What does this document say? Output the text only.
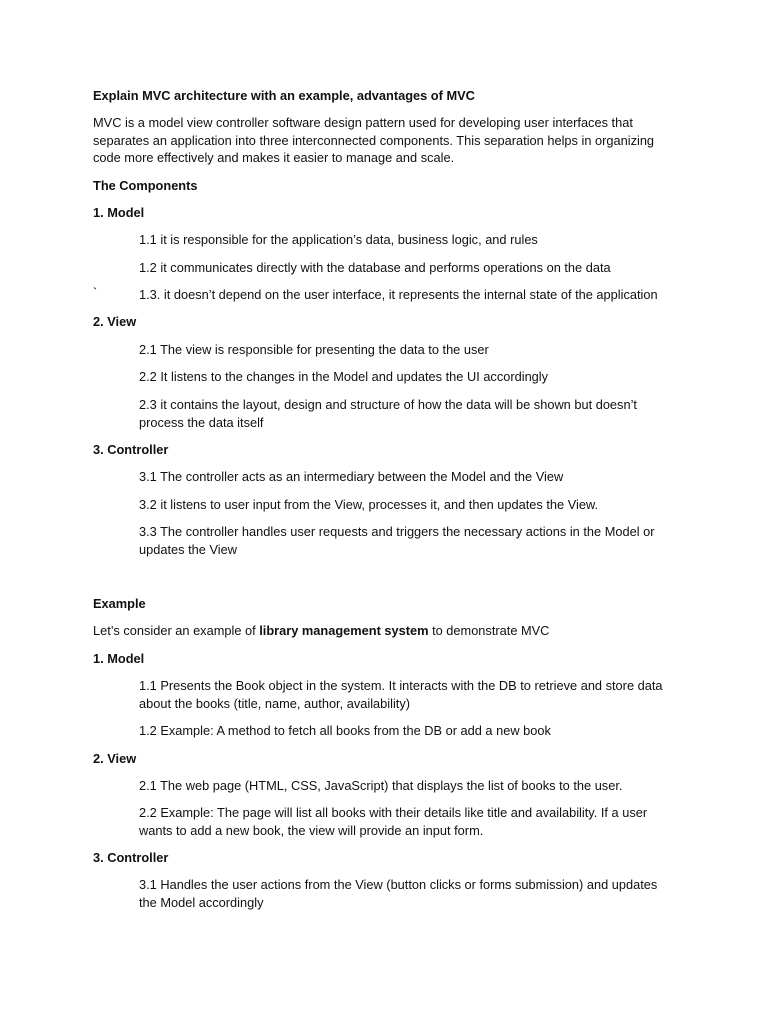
Explain MVC architecture with an example, advantages of MVC

MVC is a model view controller software design pattern used for developing user interfaces that separates an application into three interconnected components. This separation helps in organizing code more effectively and makes it easier to manage and scale.

The Components

1. Model

1.1 it is responsible for the application’s data, business logic, and rules

1.2 it communicates directly with the database and performs operations on the data

`	1.3. it doesn’t depend on the user interface, it represents the internal state of the application

2. View

2.1 The view is responsible for presenting the data to the user

2.2 It listens to the changes in the Model and updates the UI accordingly

2.3 it contains the layout, design and structure of how the data will be shown but doesn’t process the data itself

3. Controller

3.1 The controller acts as an intermediary between the Model and the View

3.2 it listens to user input from the View, processes it, and then updates the View.

3.3 The controller handles user requests and triggers the necessary actions in the Model or updates the View

Example

Let’s consider an example of library management system to demonstrate MVC

1. Model

1.1 Presents the Book object in the system. It interacts with the DB to retrieve and store data about the books (title, name, author, availability)

1.2 Example: A method to fetch all books from the DB or add a new book

2. View

2.1 The web page (HTML, CSS, JavaScript) that displays the list of books to the user.

2.2 Example: The page will list all books with their details like title and availability. If a user wants to add a new book, the view will provide an input form.

3. Controller

3.1 Handles the user actions from the View (button clicks or forms submission) and updates the Model accordingly
